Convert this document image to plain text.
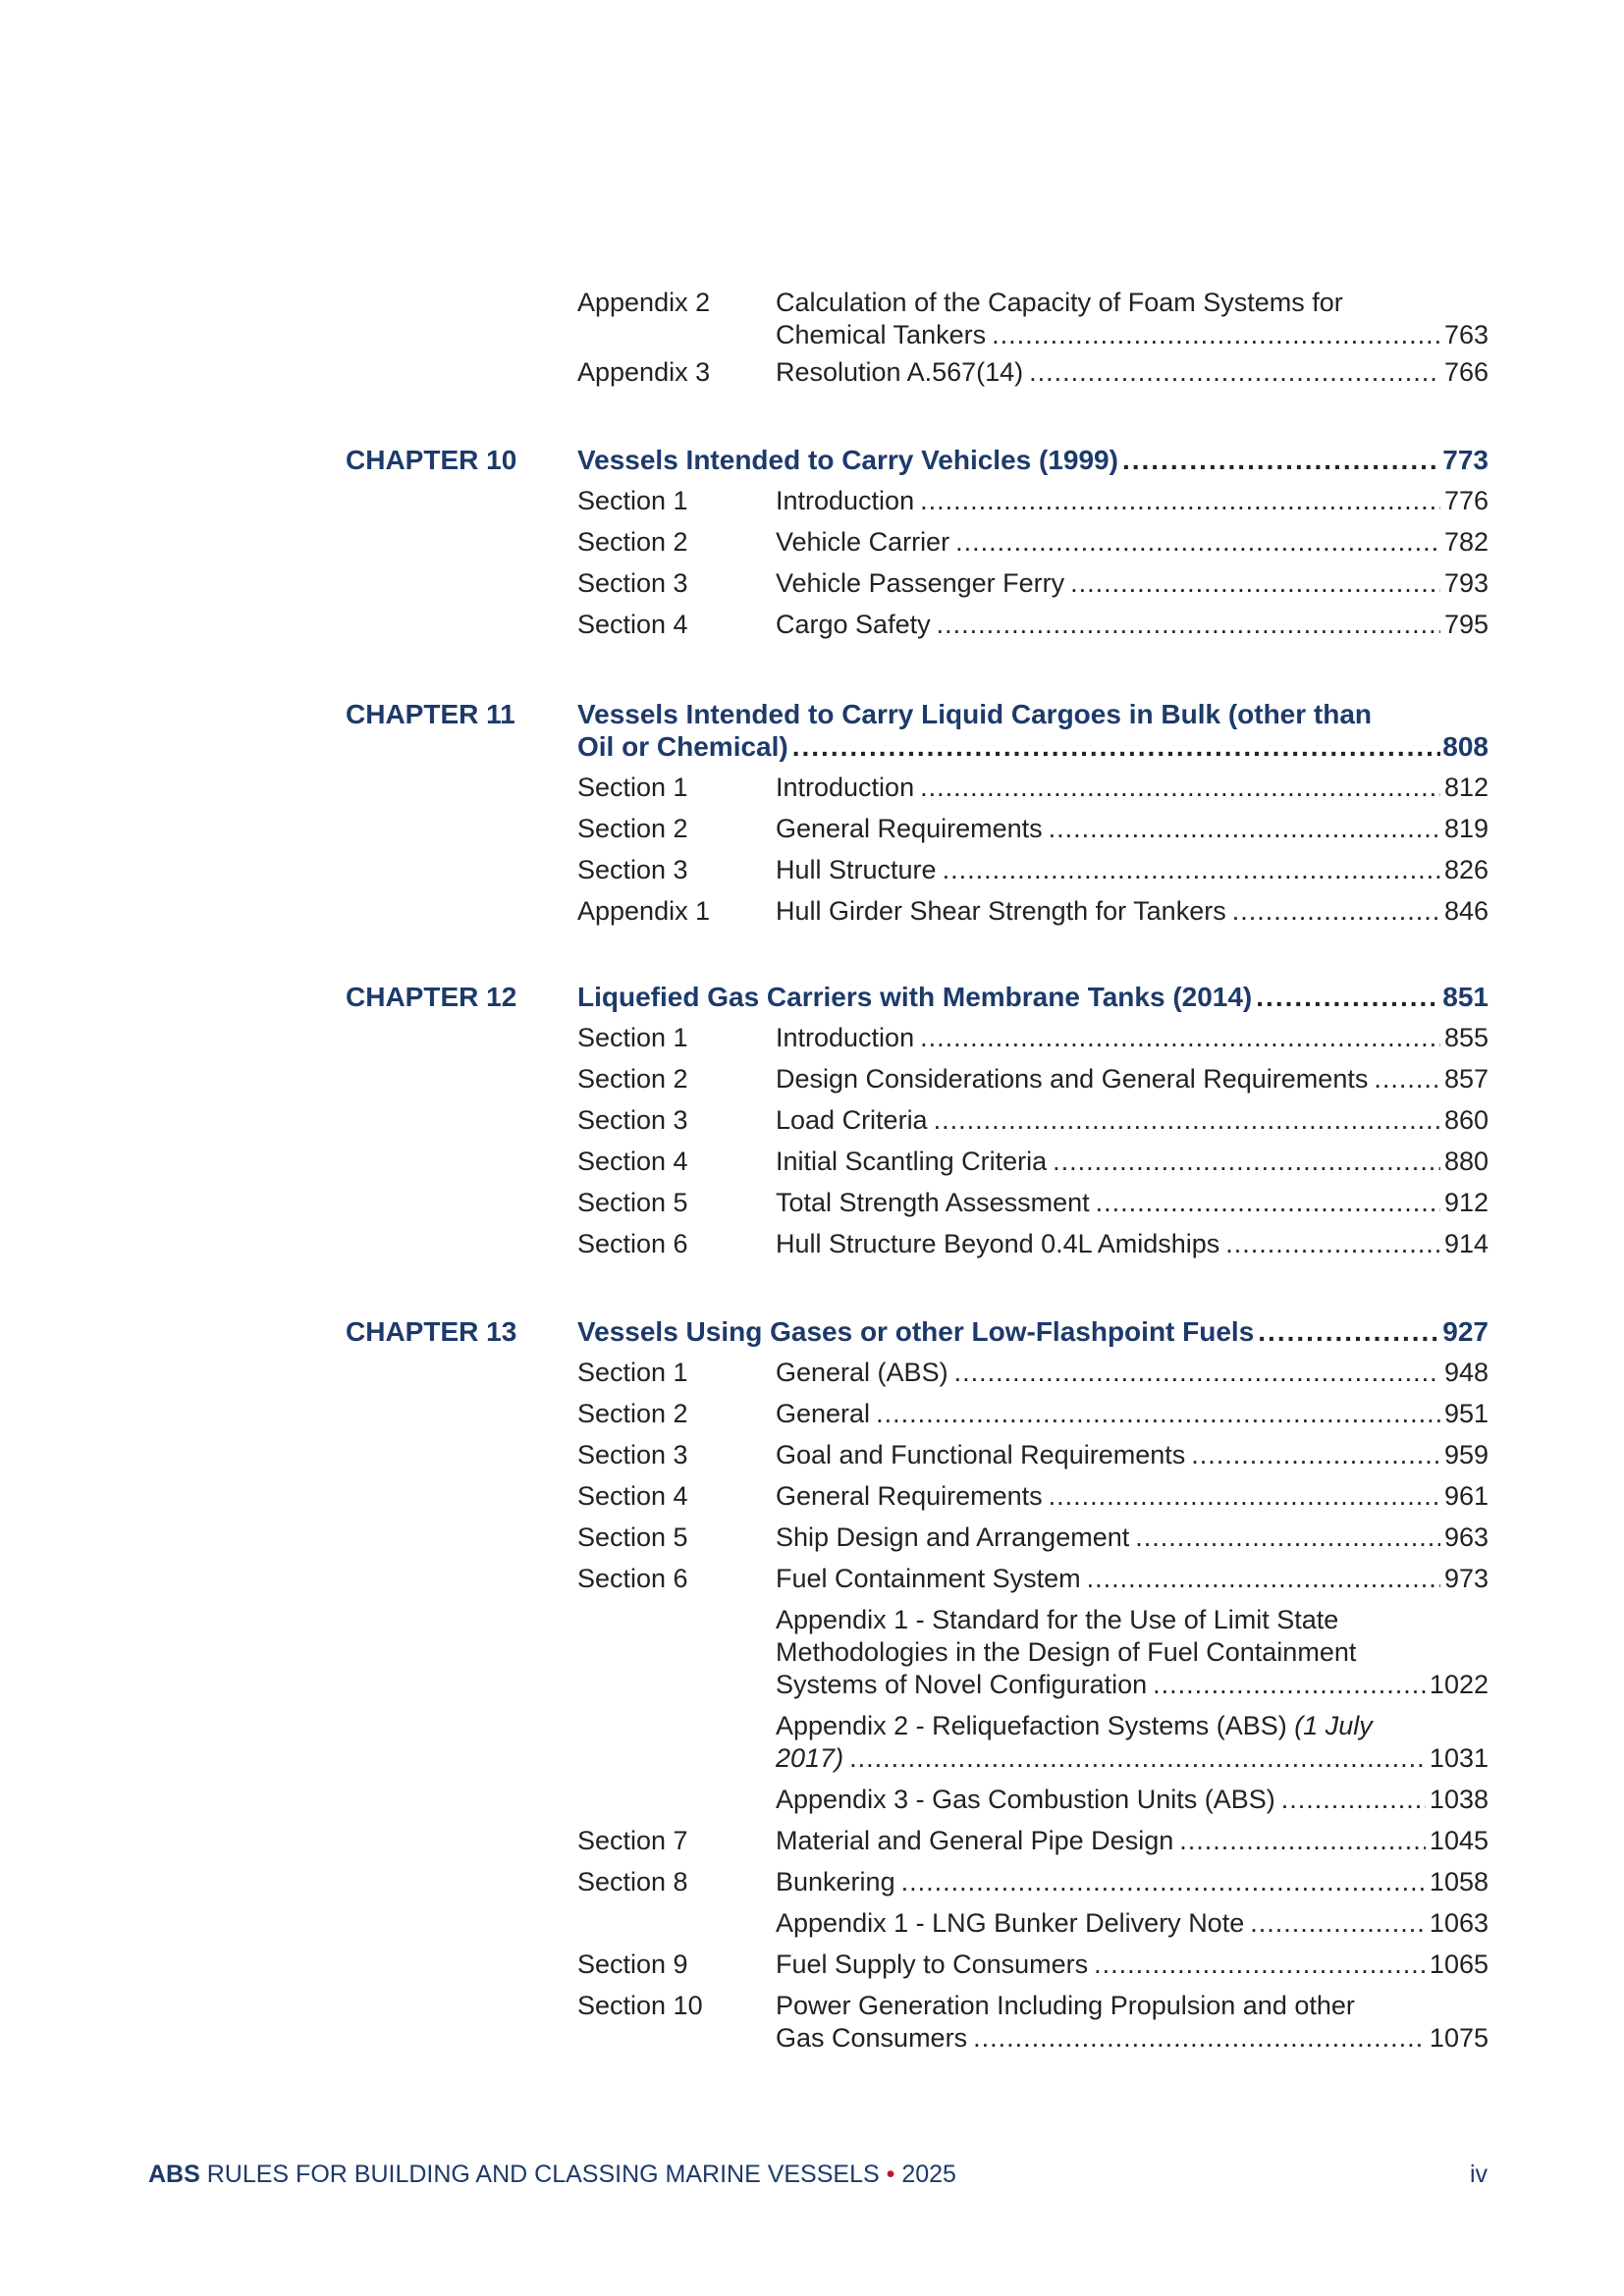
Appendix 2 Calculation of the Capacity of Foam Systems for
Chemical Tankers .....	763
Appendix 3 Resolution A.567(14) .....	766
CHAPTER 10 Vessels Intended to Carry Vehicles (1999) .....	773
Section 1	Introduction .....	776
Section 2	Vehicle Carrier .....	782
Section 3	Vehicle Passenger Ferry .....	793
Section 4	Cargo Safety .....	795
CHAPTER 11 Vessels Intended to Carry Liquid Cargoes in Bulk (other than
Oil or Chemical) .....	808
Section 1	Introduction .....	812
Section 2	General Requirements .....	819
Section 3	Hull Structure .....	826
Appendix 1 Hull Girder Shear Strength for Tankers .....	846
CHAPTER 12 Liquefied Gas Carriers with Membrane Tanks (2014) .....	851
Section 1	Introduction .....	855
Section 2	Design Considerations and General Requirements .....	857
Section 3	Load Criteria .....	860
Section 4	Initial Scantling Criteria .....	880
Section 5	Total Strength Assessment .....	912
Section 6	Hull Structure Beyond 0.4L Amidships .....	914
CHAPTER 13 Vessels Using Gases or other Low-Flashpoint Fuels .....	927
Section 1	General (ABS) .....	948
Section 2	General .....	951
Section 3	Goal and Functional Requirements .....	959
Section 4	General Requirements .....	961
Section 5	Ship Design and Arrangement .....	963
Section 6	Fuel Containment System .....	973
Appendix 1 - Standard for the Use of Limit State
Methodologies in the Design of Fuel Containment
Systems of Novel Configuration .....	1022
Appendix 2 - Reliquefaction Systems (ABS) (1 July
2017) .....	1031
Appendix 3 - Gas Combustion Units (ABS) .....	1038
Section 7	Material and General Pipe Design .....	1045
Section 8	Bunkering .....	1058
Appendix 1 - LNG Bunker Delivery Note .....	1063
Section 9	Fuel Supply to Consumers .....	1065
Section 10	Power Generation Including Propulsion and other
Gas Consumers .....	1075
ABS RULES FOR BUILDING AND CLASSING MARINE VESSELS • 2025	iv
